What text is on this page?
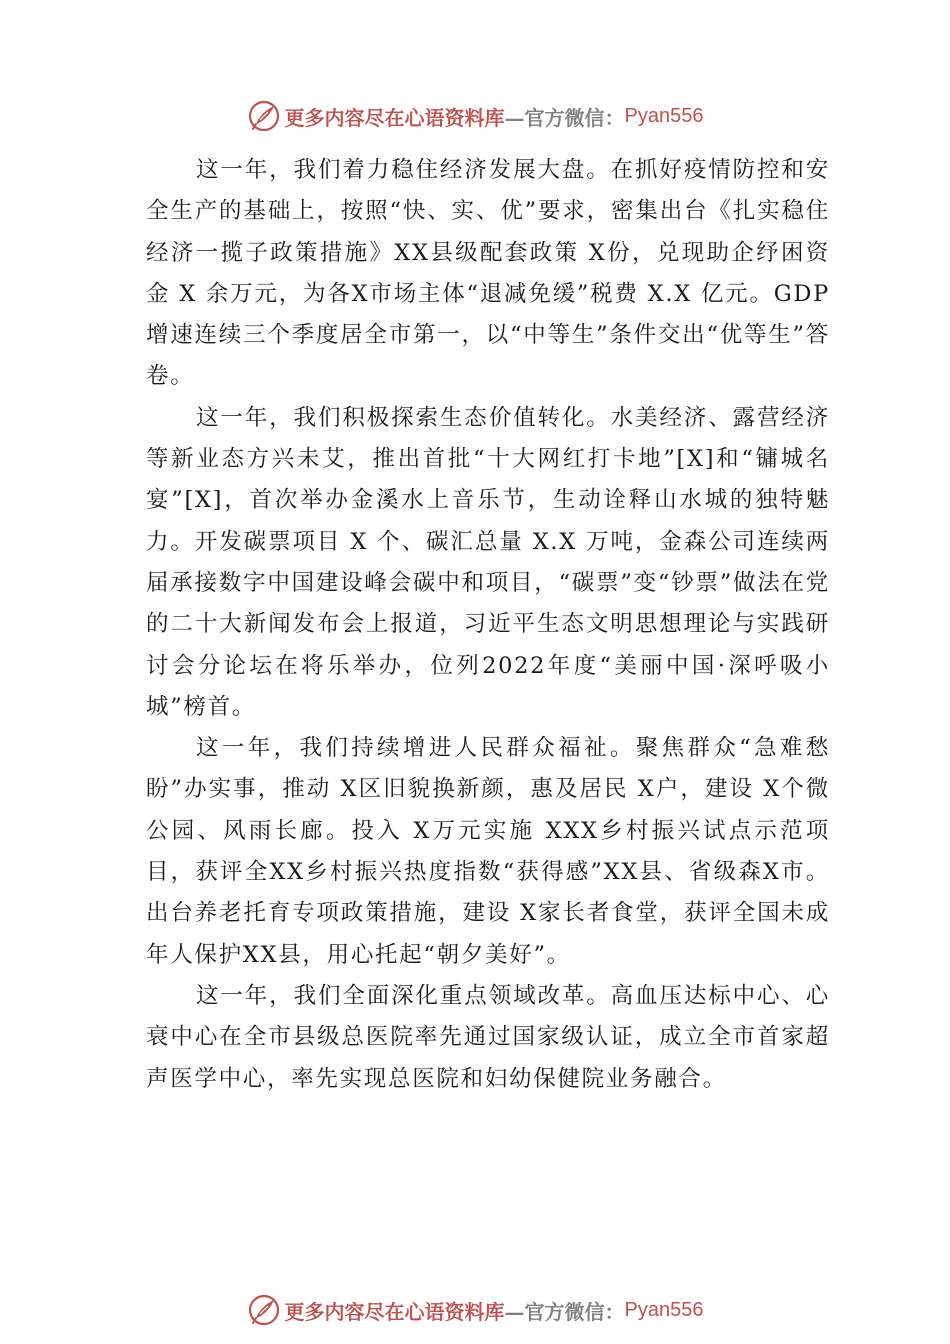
更多内容尽在心语资料库 —官方微信： Pyan556

这一年，我们着力稳住经济发展大盘。在抓好疫情防控和安全生产的基础上，按照“快、实、优”要求，密集出台《扎实稳住经济一揽子政策措施》XX县级配套政策 X份，兑现助企纾困资金 X 余万元，为各X市场主体“退减免缓”税费 X.X 亿元。GDP 增速连续三个季度居全市第一，以“中等生”条件交出“优等生”答卷。

这一年，我们积极探索生态价值转化。水美经济、露营经济等新业态方兴未艾，推出首批“十大网红打卡地”[X]和“镛城名宴”[X]，首次举办金溪水上音乐节，生动诠释山水城的独特魅力。开发碳票项目 X 个、碳汇总量 X.X 万吨，金森公司连续两届承接数字中国建设峰会碳中和项目，“碳票”变“钞票”做法在党的二十大新闻发布会上报道，习近平生态文明思想理论与实践研讨会分论坛在将乐举办，位列2022年度“美丽中国·深呼吸小城”榜首。

这一年，我们持续增进人民群众福祉。聚焦群众“急难愁盼”办实事，推动 X区旧貌换新颜，惠及居民 X户，建设 X个微公园、风雨长廊。投入 X万元实施 XXX乡村振兴试点示范项目，获评全XX乡村振兴热度指数“获得感”XX县、省级森X市。出台养老托育专项政策措施，建设 X家长者食堂，获评全国未成年人保护XX县，用心托起“朝夕美好”。

这一年，我们全面深化重点领域改革。高血压达标中心、心衰中心在全市县级总医院率先通过国家级认证，成立全市首家超声医学中心，率先实现总医院和妇幼保健院业务融合。

更多内容尽在心语资料库 —官方微信： Pyan556
